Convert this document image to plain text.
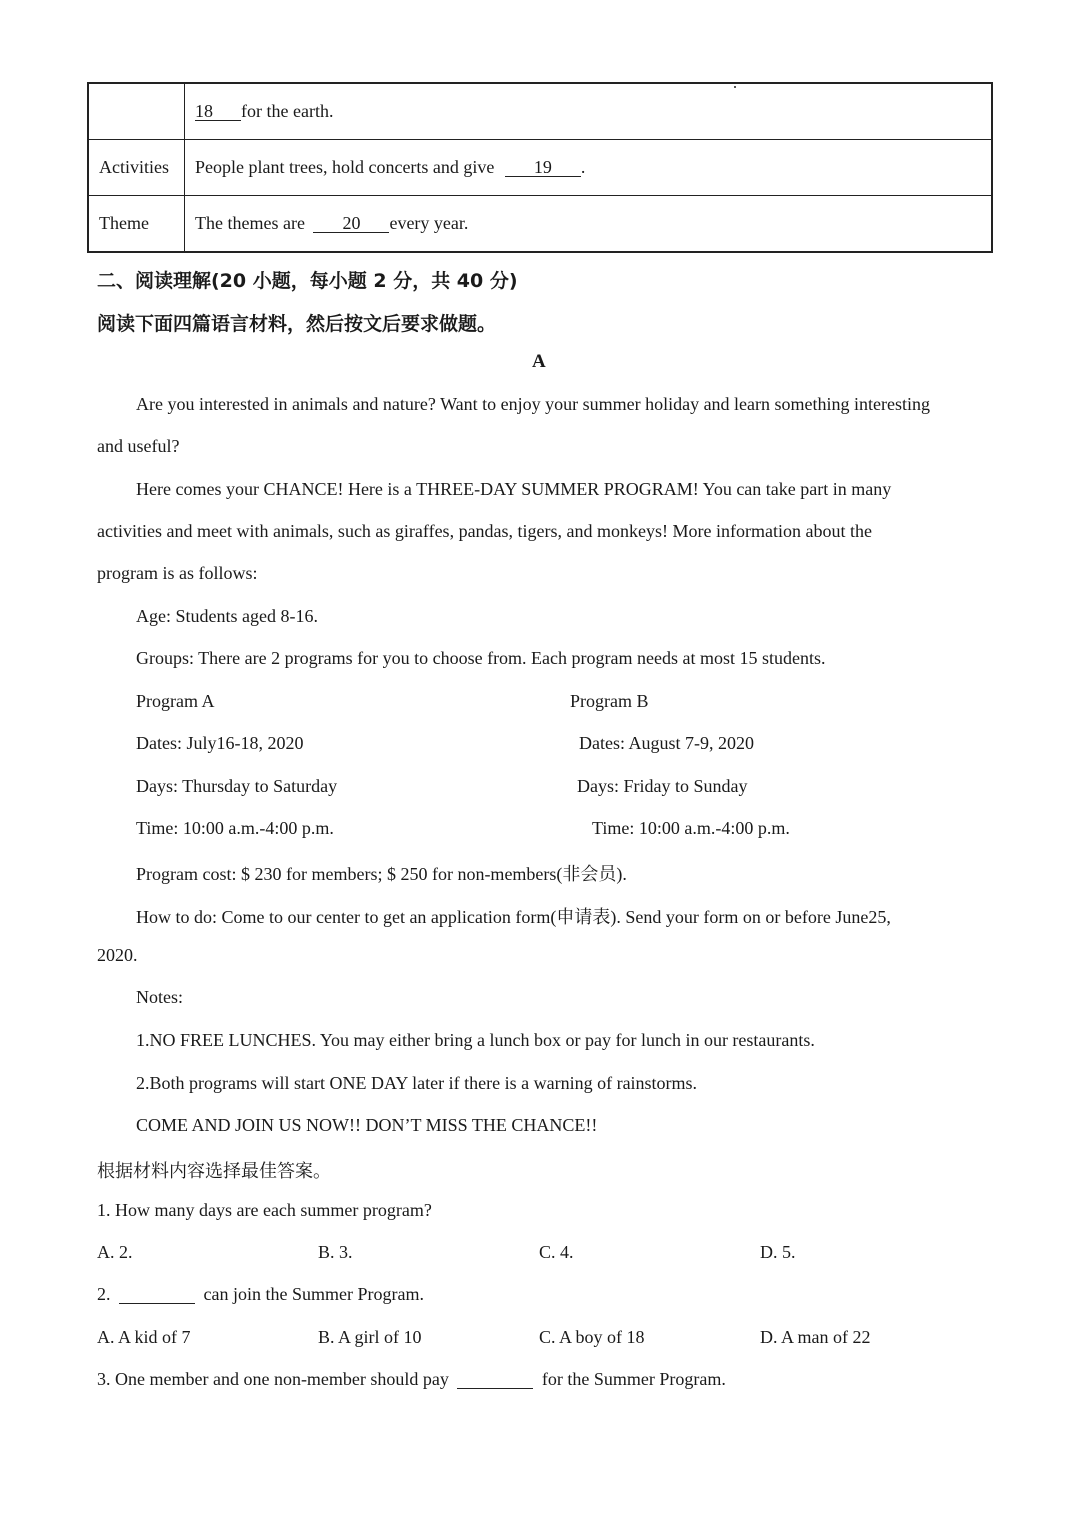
	18 for the earth.
Activities	People plant trees, hold concerts and give 19 .
Theme	The themes are 20 every year.
二、阅读理解(20 小题，每小题 2 分，共 40 分)
阅读下面四篇语言材料，然后按文后要求做题。
A
Are you interested in animals and nature? Want to enjoy your summer holiday and learn something interesting
and useful?
Here comes your CHANCE! Here is a THREE-DAY SUMMER PROGRAM! You can take part in many
activities and meet with animals, such as giraffes, pandas, tigers, and monkeys! More information about the
program is as follows:
Age: Students aged 8-16.
Groups: There are 2 programs for you to choose from. Each program needs at most 15 students.
Program A	Program B
Dates: July16-18, 2020	Dates: August 7-9, 2020
Days: Thursday to Saturday	Days: Friday to Sunday
Time: 10:00 a.m.-4:00 p.m.	Time: 10:00 a.m.-4:00 p.m.
Program cost: $ 230 for members; $ 250 for non-members(非会员).
How to do: Come to our center to get an application form(申请表). Send your form on or before June25,
2020.
Notes:
1.NO FREE LUNCHES. You may either bring a lunch box or pay for lunch in our restaurants.
2.Both programs will start ONE DAY later if there is a warning of rainstorms.
COME AND JOIN US NOW!! DON’T MISS THE CHANCE!!
根据材料内容选择最佳答案。
1. How many days are each summer program?
A. 2.	B. 3.	C. 4.	D. 5.
2.	can join the Summer Program.
A. A kid of 7	B. A girl of 10	C. A boy of 18	D. A man of 22
3. One member and one non-member should pay	for the Summer Program.
